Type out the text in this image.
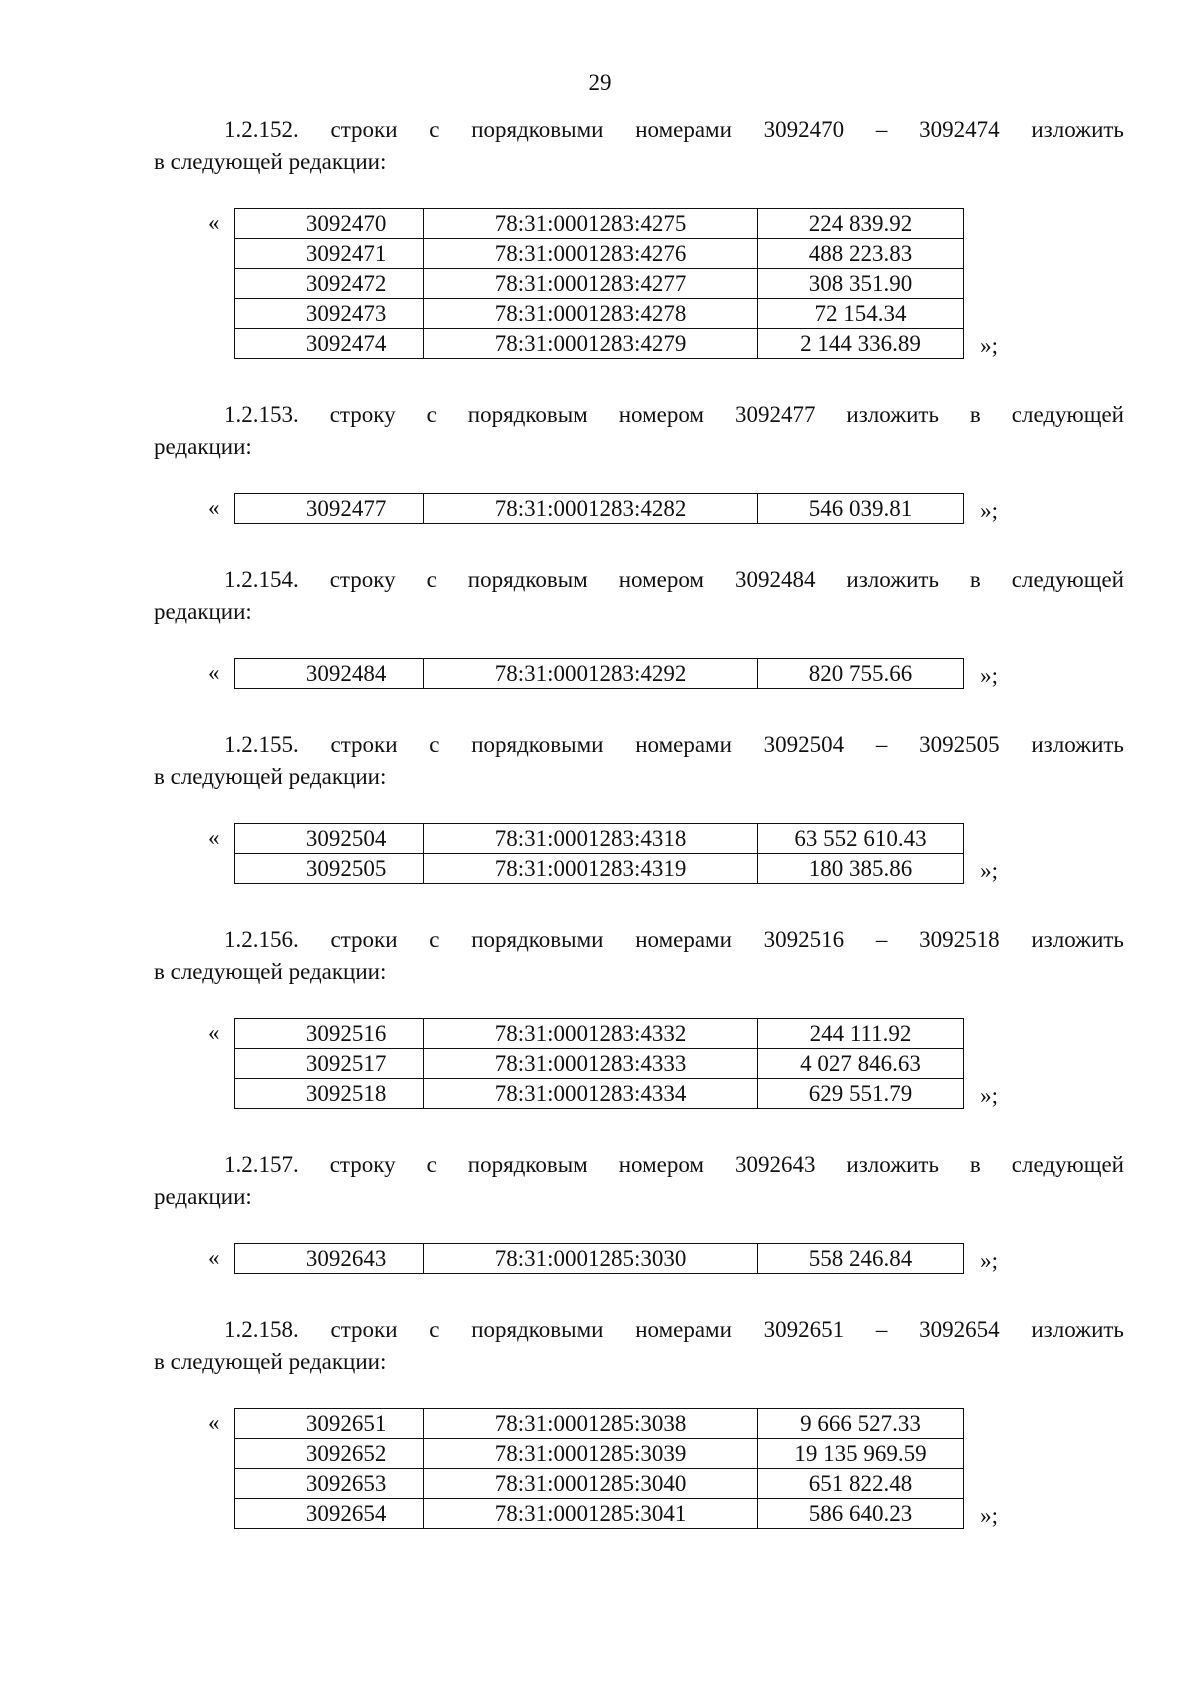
29
1.2.152. строки с порядковыми номерами 3092470 – 3092474 изложить
в следующей редакции:
«	3092470	78:31:0001283:4275	224 839.92
3092471	78:31:0001283:4276	488 223.83
3092472	78:31:0001283:4277	308 351.90
3092473	78:31:0001283:4278	72 154.34
3092474	78:31:0001283:4279	2 144 336.89	»;
1.2.153. строку с порядковым номером 3092477 изложить в следующей
редакции:
«	3092477	78:31:0001283:4282	546 039.81	»;
1.2.154. строку с порядковым номером 3092484 изложить в следующей
редакции:
«	3092484	78:31:0001283:4292	820 755.66	»;
1.2.155. строки с порядковыми номерами 3092504 – 3092505 изложить
в следующей редакции:
«	3092504	78:31:0001283:4318	63 552 610.43
3092505	78:31:0001283:4319	180 385.86	»;
1.2.156. строки с порядковыми номерами 3092516 – 3092518 изложить
в следующей редакции:
«	3092516	78:31:0001283:4332	244 111.92
3092517	78:31:0001283:4333	4 027 846.63
3092518	78:31:0001283:4334	629 551.79	»;
1.2.157. строку с порядковым номером 3092643 изложить в следующей
редакции:
«	3092643	78:31:0001285:3030	558 246.84	»;
1.2.158. строки с порядковыми номерами 3092651 – 3092654 изложить
в следующей редакции:
«	3092651	78:31:0001285:3038	9 666 527.33
3092652	78:31:0001285:3039	19 135 969.59
3092653	78:31:0001285:3040	651 822.48
3092654	78:31:0001285:3041	586 640.23	»;
